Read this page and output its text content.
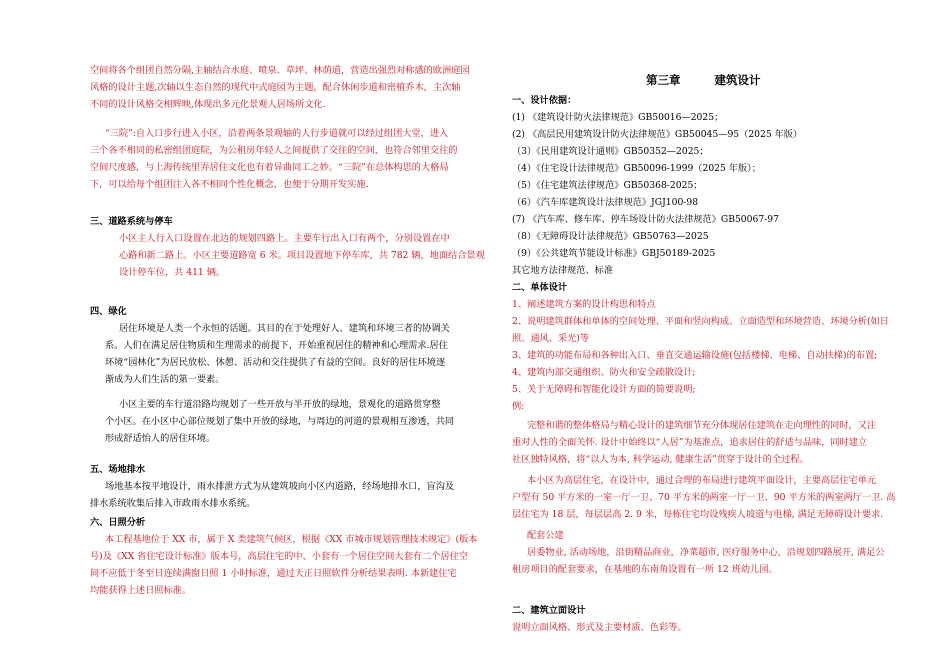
空间将各个组团自然分隔,主轴结合水庭、喷泉、草坪、林荫道，营造出强烈对称感的欧洲庭园
风格的设计主题,次轴以生态自然的现代中式庭园为主题，配合休闲步道和密植乔木，主次轴
不同的设计风格交相辉映,体现出多元化景观人居场所文化.
“三院”:自入口步行进入小区，沿着两条景观轴的人行步道就可以经过组团大堂，进入
三个各不相同的私密组团庭院，为公租房年轻人之间提供了交往的空间，也符合邻里交往的
空间尺度感，与上海传统里弄居住文化也有着异曲同工之妙。“三院”在总体构思的大格局
下，可以给每个组团注入各不相同个性化概念，也便于分期开发实施.
三、道路系统与停车
小区主人行入口设置在北边的规划四路上。主要车行出入口有两个，分别设置在中
心路和新二路上。小区主要道路宽 6 米。项目设置地下停车库，共 782 辆，地面结合景观
设计停车位，共 411 辆。
四、绿化
居住环境是人类一个永恒的话题。其目的在于处理好人、建筑和环境三者的协调关
系。人们在满足居住物质和生理需求的前提下，开始重视居住的精神和心理需求.居住
环境“园林化”为居民放松、休憩、活动和交往提供了有益的空间。良好的居住环境逐
渐成为人们生活的第一要素。
小区主要的车行道沿路均规划了一些开放与半开放的绿地，景观化的道路贯穿整
个小区。在小区中心部位规划了集中开放的绿地，与周边的河道的景观相互渗透，共同
形成舒适怡人的居住环境。
五、场地排水
场地基本按平地设计，雨水排泄方式为从建筑坡向小区内道路，经场地排水口，盲沟及
排水系统收集后排入市政雨水排水系统。
六、日照分析
本工程基地位于 XX 市，属于 X 类建筑气候区，根据《XX 市城市规划管理技术规定》(版本
号)及《XX 省住宅设计标准》版本号，高层住宅的中、小套有一个居住空间大套有二个居住空
间不应低于冬至日连续满窗日照 1 小时标准，通过天正日照软件分析结果表明. 本新建住宅
均能获得上述日照标准。
第三章	建筑设计
一、设计依据：
(1) 《建筑设计防火法律规范》GB50016—2025；
(2) 《高层民用建筑设计防火法律规范》GB50045—95（2025 年版）
（3）《民用建筑设计通则》GB50352—2025；
（4）《住宅设计法律规范》GB50096-1999（2025 年版）；
（5）《住宅建筑法律规范》GB50368-2025；
（6）《汽车库建筑设计法律规范》JGJ100-98
(7) 《汽车库、修车库、停车场设计防火法律规范》GB50067-97
（8）《无障碍设计法律规范》GB50763—2025
（9）《公共建筑节能设计标准》GBJ50189-2025
其它地方法律规范、标准
二、单体设计
1、阐述建筑方案的设计构思和特点
2、说明建筑群体和单体的空间处理、平面和竖向构成、立面造型和环境营造、环境分析(如日
照、通风、采光)等
3、建筑的功能布局和各种出入口、垂直交通运输设施(包括楼梯、电梯、自动扶梯)的布置;
4、建筑内部交通组织、防火和安全疏散设计;
5、关于无障碍和智能化设计方面的简要说明;
例:
完整和谐的整体格局与精心设计的建筑细节充分体现居住建筑在走向理性的同时，又注
重对人性的全面关怀. 设计中始终以“人居”为基准点，追求居住的舒适与品味，同时建立
社区独特风格，将“以人为本, 科学运动, 健康生活”贯穿于设计的全过程。
本小区为高层住宅，在设计中，通过合理的布局进行建筑平面设计，主要高层住宅单元
户型有 50 平方米的一室一厅一卫、70 平方米的两室一厅一卫、90 平方米的两室两厅一卫. 高
层住宅为 18 层，每层层高 2. 9 米，每栋住宅均设残疾人坡道与电梯, 满足无障碍设计要求.
配套公建
居委物业, 活动场地，沿街精品商业，净菜超市, 医疗服务中心，沿规划四路展开, 满足公
租房项目的配套要求，在基地的东南角设置有一所 12 班幼儿园。
二、建筑立面设计
说明立面风格、形式及主要材质、色彩等。
